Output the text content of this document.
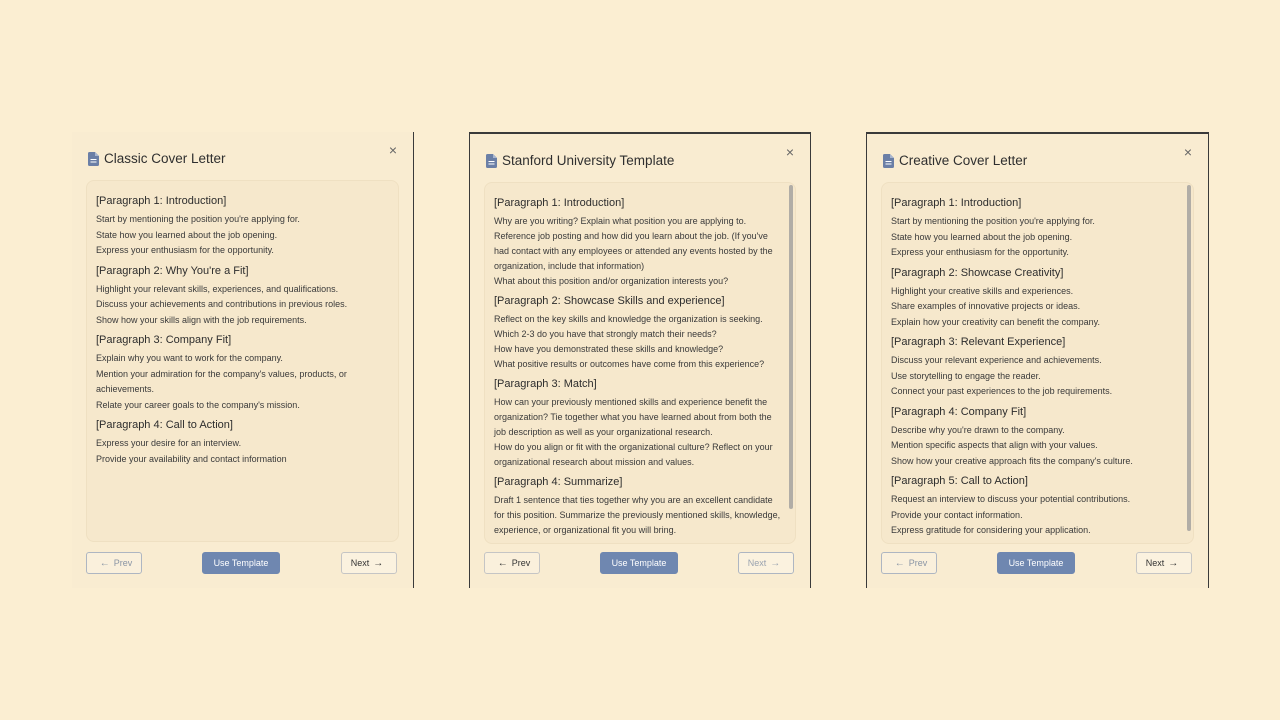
×
Classic Cover Letter
[Paragraph 1: Introduction]
Start by mentioning the position you're applying for.
State how you learned about the job opening.
Express your enthusiasm for the opportunity.
[Paragraph 2: Why You're a Fit]
Highlight your relevant skills, experiences, and qualifications.
Discuss your achievements and contributions in previous roles.
Show how your skills align with the job requirements.
[Paragraph 3: Company Fit]
Explain why you want to work for the company.
Mention your admiration for the company's values, products, or achievements.
Relate your career goals to the company's mission.
[Paragraph 4: Call to Action]
Express your desire for an interview.
Provide your availability and contact information
← Prev	Use Template	Next →
×
Stanford University Template
[Paragraph 1: Introduction]
Why are you writing? Explain what position you are applying to. Reference job posting and how did you learn about the job. (If you've had contact with any employees or attended any events hosted by the organization, include that information)
What about this position and/or organization interests you?
[Paragraph 2: Showcase Skills and experience]
Reflect on the key skills and knowledge the organization is seeking. Which 2-3 do you have that strongly match their needs?
How have you demonstrated these skills and knowledge?
What positive results or outcomes have come from this experience?
[Paragraph 3: Match]
How can your previously mentioned skills and experience benefit the organization? Tie together what you have learned about from both the job description as well as your organizational research.
How do you align or fit with the organizational culture? Reflect on your organizational research about mission and values.
[Paragraph 4: Summarize]
Draft 1 sentence that ties together why you are an excellent candidate for this position. Summarize the previously mentioned skills, knowledge, experience, or organizational fit you will bring.
← Prev	Use Template	Next →
×
Creative Cover Letter
[Paragraph 1: Introduction]
Start by mentioning the position you're applying for.
State how you learned about the job opening.
Express your enthusiasm for the opportunity.
[Paragraph 2: Showcase Creativity]
Highlight your creative skills and experiences.
Share examples of innovative projects or ideas.
Explain how your creativity can benefit the company.
[Paragraph 3: Relevant Experience]
Discuss your relevant experience and achievements.
Use storytelling to engage the reader.
Connect your past experiences to the job requirements.
[Paragraph 4: Company Fit]
Describe why you're drawn to the company.
Mention specific aspects that align with your values.
Show how your creative approach fits the company's culture.
[Paragraph 5: Call to Action]
Request an interview to discuss your potential contributions.
Provide your contact information.
Express gratitude for considering your application.
← Prev	Use Template	Next →
